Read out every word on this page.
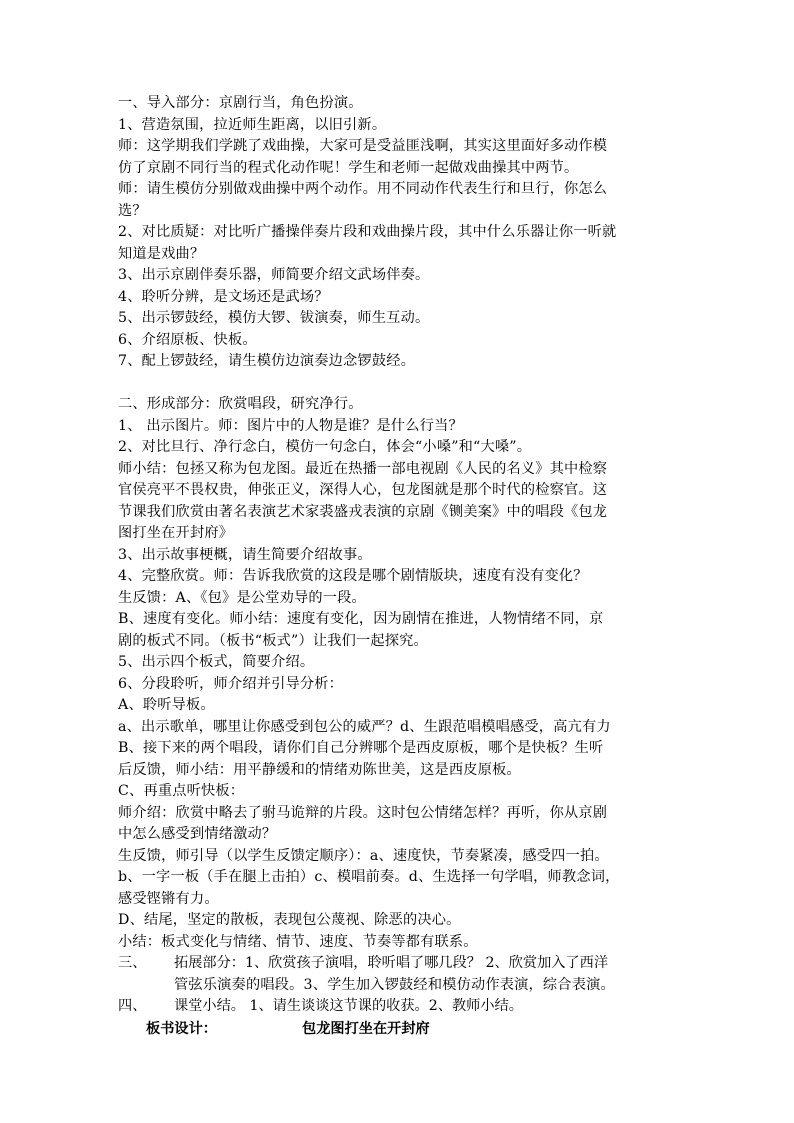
一、导入部分：京剧行当，角色扮演。
1、营造氛围，拉近师生距离，以旧引新。
师：这学期我们学跳了戏曲操，大家可是受益匪浅啊，其实这里面好多动作模
仿了京剧不同行当的程式化动作呢！学生和老师一起做戏曲操其中两节。
师：请生模仿分别做戏曲操中两个动作。用不同动作代表生行和旦行，你怎么
选？
2、对比质疑：对比听广播操伴奏片段和戏曲操片段，其中什么乐器让你一听就
知道是戏曲？
3、出示京剧伴奏乐器，师简要介绍文武场伴奏。
4、聆听分辨，是文场还是武场？
5、出示锣鼓经，模仿大锣、钹演奏，师生互动。
6、介绍原板、快板。
7、配上锣鼓经，请生模仿边演奏边念锣鼓经。
二、形成部分：欣赏唱段，研究净行。
1、 出示图片。师：图片中的人物是谁？是什么行当？
2、对比旦行、净行念白，模仿一句念白，体会“小嗓”和“大嗓”。
师小结：包拯又称为包龙图。最近在热播一部电视剧《人民的名义》其中检察
官侯亮平不畏权贵，伸张正义，深得人心，包龙图就是那个时代的检察官。这
节课我们欣赏由著名表演艺术家裘盛戎表演的京剧《铡美案》中的唱段《包龙
图打坐在开封府》
3、出示故事梗概，请生简要介绍故事。
4、完整欣赏。师：告诉我欣赏的这段是哪个剧情版块，速度有没有变化？
生反馈：A、《包》是公堂劝导的一段。
B、速度有变化。师小结：速度有变化，因为剧情在推进，人物情绪不同，京
剧的板式不同。（板书“板式”）让我们一起探究。
5、出示四个板式，简要介绍。
6、分段聆听，师介绍并引导分析：
A、聆听导板。
a、出示歌单，哪里让你感受到包公的威严？d、生跟范唱模唱感受，高亢有力
B、接下来的两个唱段，请你们自己分辨哪个是西皮原板，哪个是快板？生听
后反馈，师小结：用平静缓和的情绪劝陈世美，这是西皮原板。
C、再重点听快板：
师介绍：欣赏中略去了驸马诡辩的片段。这时包公情绪怎样？再听，你从京剧
中怎么感受到情绪激动？
生反馈，师引导（以学生反馈定顺序）：a、速度快，节奏紧凑，感受四一拍。
b、一字一板（手在腿上击拍）c、模唱前奏。d、生选择一句学唱，师教念词，
感受铿锵有力。
D、结尾，坚定的散板，表现包公蔑视、除恶的决心。
小结：板式变化与情绪、情节、速度、节奏等都有联系。
三、	拓展部分：1、欣赏孩子演唱，聆听唱了哪几段？ 2、欣赏加入了西洋
管弦乐演奏的唱段。3、学生加入锣鼓经和模仿动作表演，综合表演。
四、	课堂小结。 1、请生谈谈这节课的收获。2、教师小结。
板书设计：	包龙图打坐在开封府
